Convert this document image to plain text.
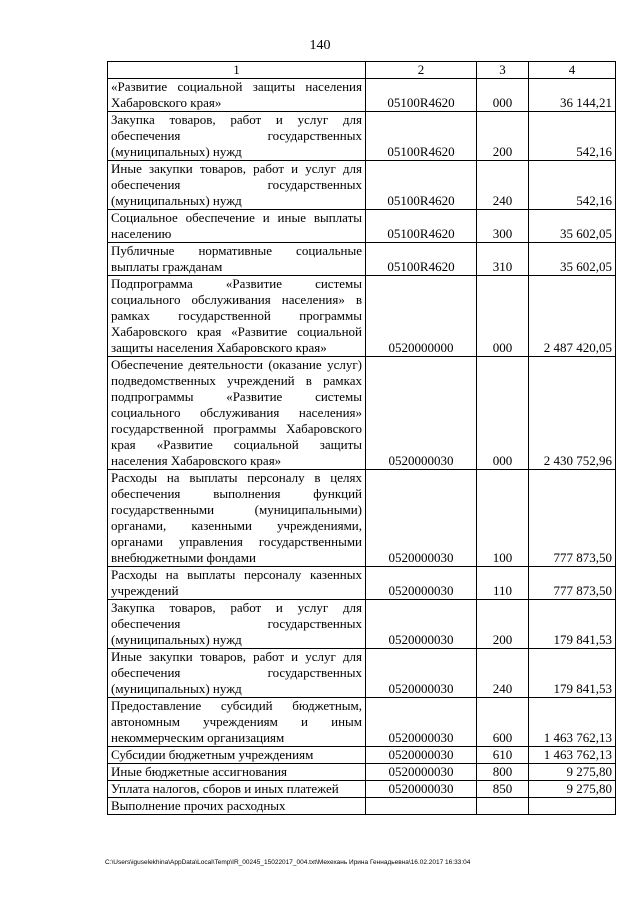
140
1	2	3	4
«Развитие социальной защиты населения Хабаровского края»	05100R4620	000	36 144,21
Закупка товаров, работ и услуг для обеспечения государственных (муниципальных) нужд	05100R4620	200	542,16
Иные закупки товаров, работ и услуг для обеспечения государственных (муниципальных) нужд	05100R4620	240	542,16
Социальное обеспечение и иные выплаты населению	05100R4620	300	35 602,05
Публичные нормативные социальные выплаты гражданам	05100R4620	310	35 602,05
Подпрограмма «Развитие системы социального обслуживания населения» в рамках государственной программы Хабаровского края «Развитие социальной защиты населения Хабаровского края»	0520000000	000	2 487 420,05
Обеспечение деятельности (оказание услуг) подведомственных учреждений в рамках подпрограммы «Развитие системы социального обслуживания населения» государственной программы Хабаровского края «Развитие социальной защиты населения Хабаровского края»	0520000030	000	2 430 752,96
Расходы на выплаты персоналу в целях обеспечения выполнения функций государственными (муниципальными) органами, казенными учреждениями, органами управления государственными внебюджетными фондами	0520000030	100	777 873,50
Расходы на выплаты персоналу казенных учреждений	0520000030	110	777 873,50
Закупка товаров, работ и услуг для обеспечения государственных (муниципальных) нужд	0520000030	200	179 841,53
Иные закупки товаров, работ и услуг для обеспечения государственных (муниципальных) нужд	0520000030	240	179 841,53
Предоставление субсидий бюджетным, автономным учреждениям и иным некоммерческим организациям	0520000030	600	1 463 762,13
Субсидии бюджетным учреждениям	0520000030	610	1 463 762,13
Иные бюджетные ассигнования	0520000030	800	9 275,80
Уплата налогов, сборов и иных платежей	0520000030	850	9 275,80
Выполнение прочих расходных			
C:\Users\iguselekhina\AppData\Local\Temp\IR_00245_15022017_004.txt\Мехехань Ирина Геннадьевна\16.02.2017 16:33:04
